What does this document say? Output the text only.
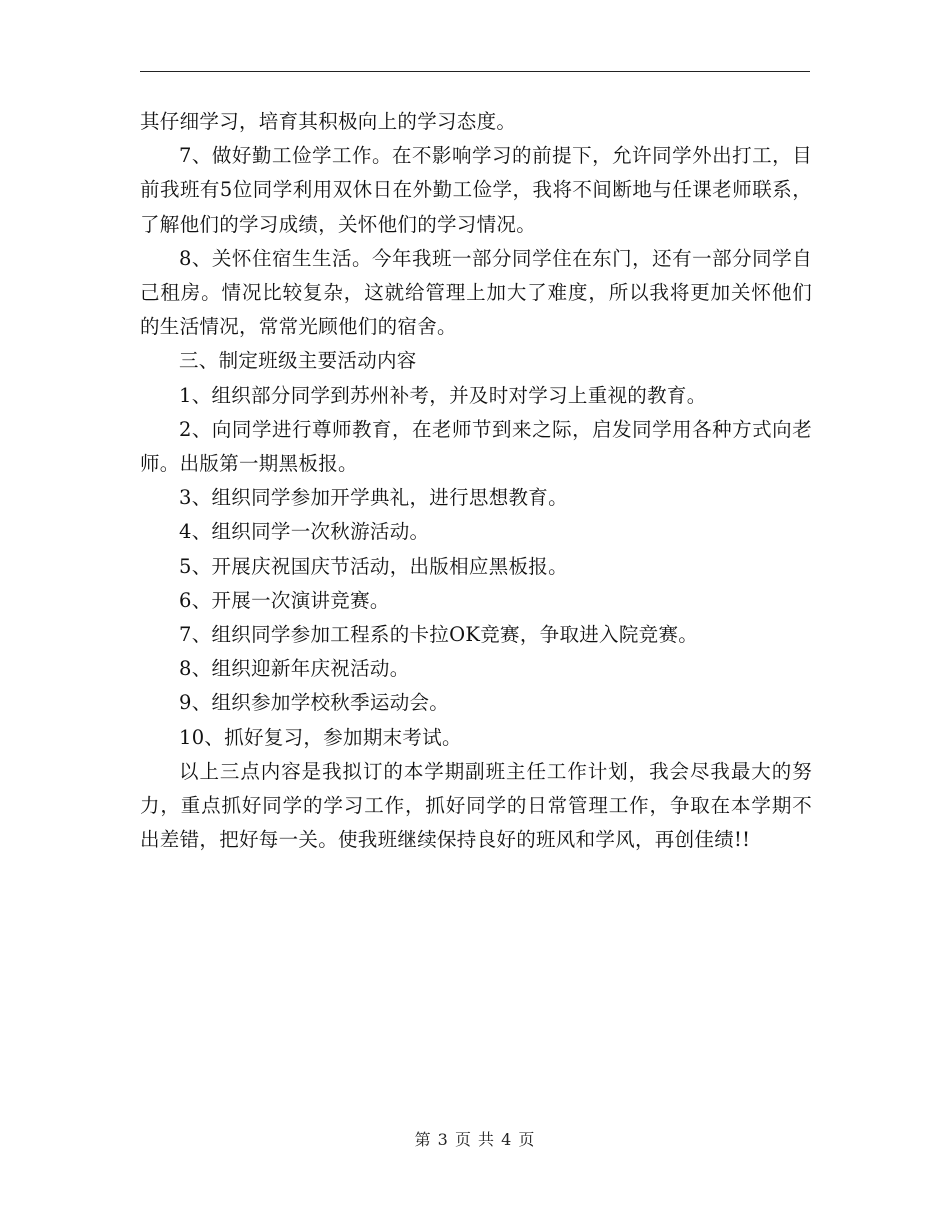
其仔细学习，培育其积极向上的学习态度。

7、做好勤工俭学工作。在不影响学习的前提下，允许同学外出打工，目前我班有5位同学利用双休日在外勤工俭学，我将不间断地与任课老师联系，了解他们的学习成绩，关怀他们的学习情况。

8、关怀住宿生生活。今年我班一部分同学住在东门，还有一部分同学自己租房。情况比较复杂，这就给管理上加大了难度，所以我将更加关怀他们的生活情况，常常光顾他们的宿舍。

三、制定班级主要活动内容

1、组织部分同学到苏州补考，并及时对学习上重视的教育。

2、向同学进行尊师教育，在老师节到来之际，启发同学用各种方式向老师。出版第一期黑板报。

3、组织同学参加开学典礼，进行思想教育。

4、组织同学一次秋游活动。

5、开展庆祝国庆节活动，出版相应黑板报。

6、开展一次演讲竞赛。

7、组织同学参加工程系的卡拉OK竞赛，争取进入院竞赛。

8、组织迎新年庆祝活动。

9、组织参加学校秋季运动会。

10、抓好复习，参加期末考试。

以上三点内容是我拟订的本学期副班主任工作计划，我会尽我最大的努力，重点抓好同学的学习工作，抓好同学的日常管理工作，争取在本学期不出差错，把好每一关。使我班继续保持良好的班风和学风，再创佳绩!!

第 3 页 共 4 页
